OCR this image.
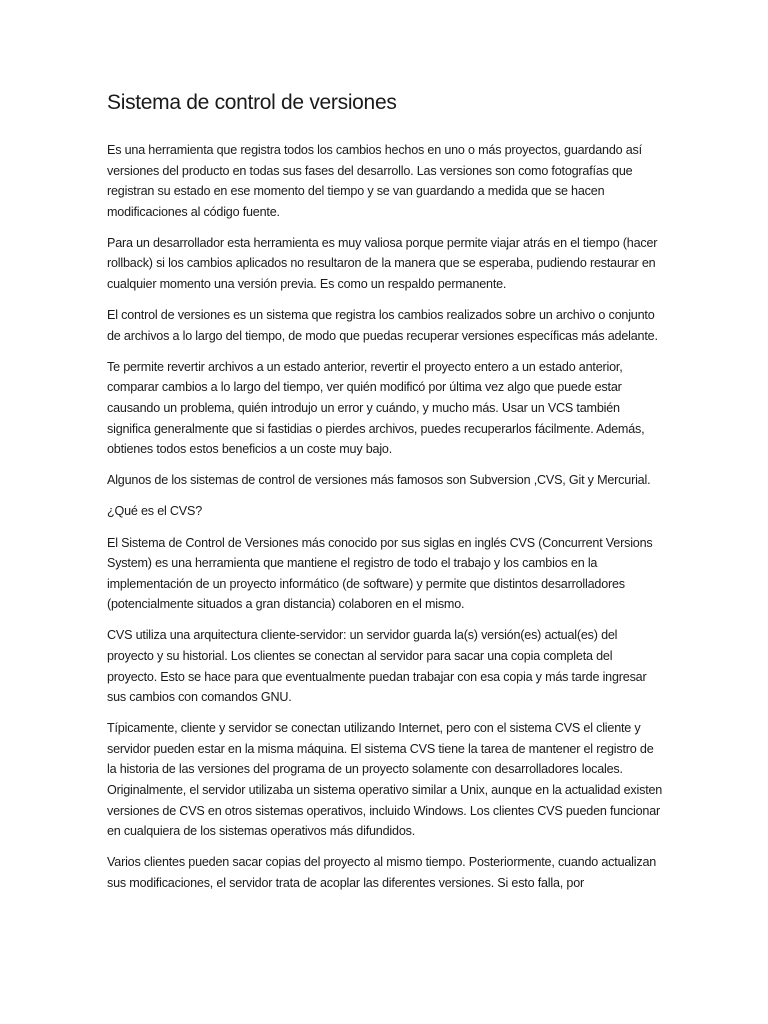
Sistema de control de versiones

Es una herramienta que registra todos los cambios hechos en uno o más proyectos, guardando así versiones del producto en todas sus fases del desarrollo. Las versiones son como fotografías que registran su estado en ese momento del tiempo y se van guardando a medida que se hacen modificaciones al código fuente.

Para un desarrollador esta herramienta es muy valiosa porque permite viajar atrás en el tiempo (hacer rollback) si los cambios aplicados no resultaron de la manera que se esperaba, pudiendo restaurar en cualquier momento una versión previa. Es como un respaldo permanente.

El control de versiones es un sistema que registra los cambios realizados sobre un archivo o conjunto de archivos a lo largo del tiempo, de modo que puedas recuperar versiones específicas más adelante.

Te permite revertir archivos a un estado anterior, revertir el proyecto entero a un estado anterior, comparar cambios a lo largo del tiempo, ver quién modificó por última vez algo que puede estar causando un problema, quién introdujo un error y cuándo, y mucho más. Usar un VCS también significa generalmente que si fastidias o pierdes archivos, puedes recuperarlos fácilmente. Además, obtienes todos estos beneficios a un coste muy bajo.

Algunos de los sistemas de control de versiones más famosos son Subversion ,CVS, Git y Mercurial.

¿Qué es el CVS?

El Sistema de Control de Versiones más conocido por sus siglas en inglés CVS (Concurrent Versions System) es una herramienta que mantiene el registro de todo el trabajo y los cambios en la implementación de un proyecto informático (de software) y permite que distintos desarrolladores (potencialmente situados a gran distancia) colaboren en el mismo.

CVS utiliza una arquitectura cliente-servidor: un servidor guarda la(s) versión(es) actual(es) del proyecto y su historial. Los clientes se conectan al servidor para sacar una copia completa del proyecto. Esto se hace para que eventualmente puedan trabajar con esa copia y más tarde ingresar sus cambios con comandos GNU.

Típicamente, cliente y servidor se conectan utilizando Internet, pero con el sistema CVS el cliente y servidor pueden estar en la misma máquina. El sistema CVS tiene la tarea de mantener el registro de la historia de las versiones del programa de un proyecto solamente con desarrolladores locales. Originalmente, el servidor utilizaba un sistema operativo similar a Unix, aunque en la actualidad existen versiones de CVS en otros sistemas operativos, incluido Windows. Los clientes CVS pueden funcionar en cualquiera de los sistemas operativos más difundidos.

Varios clientes pueden sacar copias del proyecto al mismo tiempo. Posteriormente, cuando actualizan sus modificaciones, el servidor trata de acoplar las diferentes versiones. Si esto falla, por
